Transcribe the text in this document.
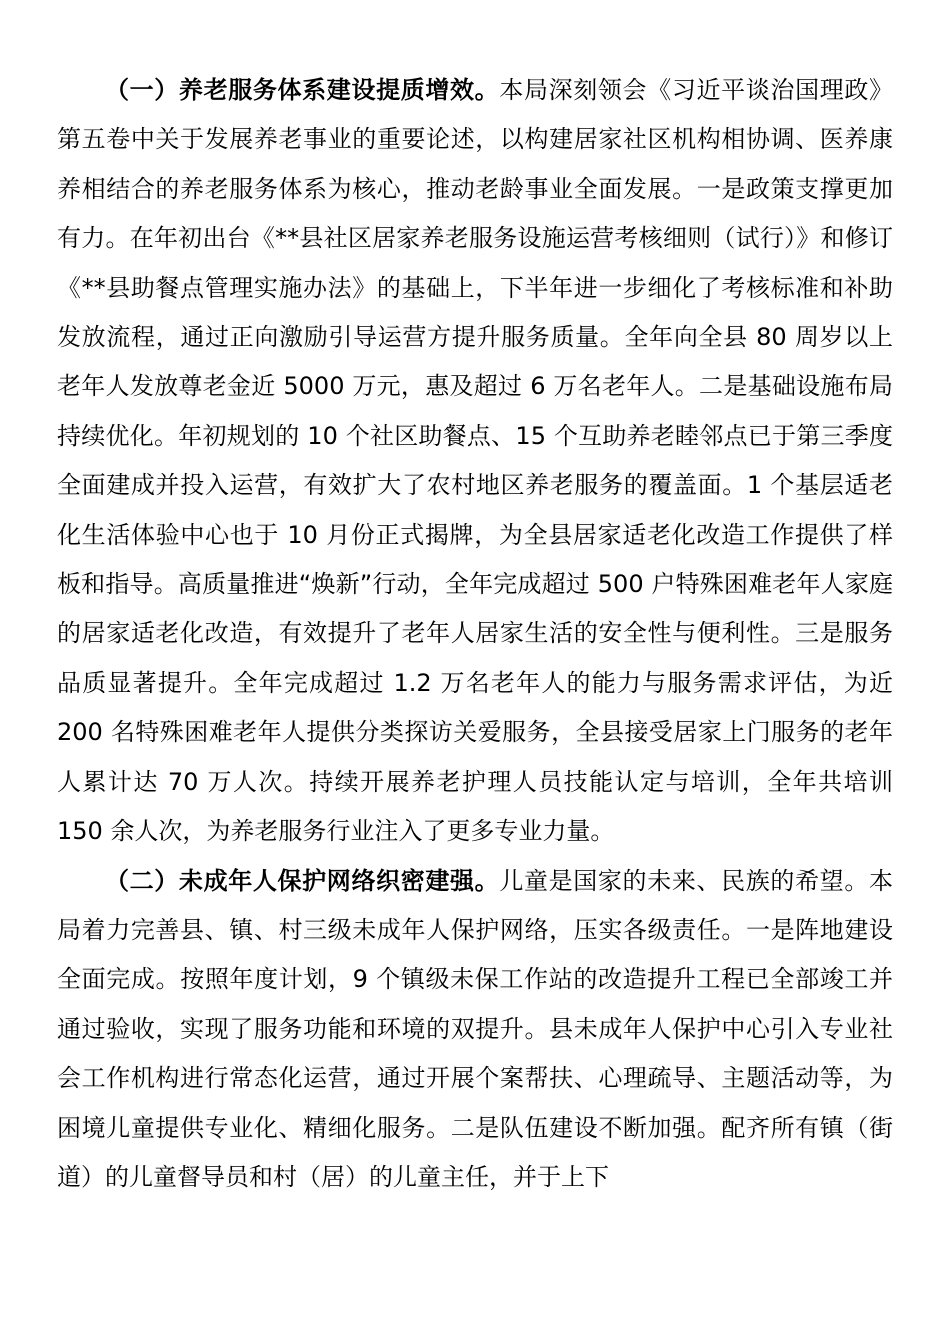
（一）养老服务体系建设提质增效。本局深刻领会《习近平谈治国理政》第五卷中关于发展养老事业的重要论述，以构建居家社区机构相协调、医养康养相结合的养老服务体系为核心，推动老龄事业全面发展。一是政策支撑更加有力。在年初出台《**县社区居家养老服务设施运营考核细则（试行）》和修订《**县助餐点管理实施办法》的基础上，下半年进一步细化了考核标准和补助发放流程，通过正向激励引导运营方提升服务质量。全年向全县 80 周岁以上老年人发放尊老金近 5000 万元，惠及超过 6 万名老年人。二是基础设施布局持续优化。年初规划的 10 个社区助餐点、15 个互助养老睦邻点已于第三季度全面建成并投入运营，有效扩大了农村地区养老服务的覆盖面。1 个基层适老化生活体验中心也于 10 月份正式揭牌，为全县居家适老化改造工作提供了样板和指导。高质量推进“焕新”行动，全年完成超过 500 户特殊困难老年人家庭的居家适老化改造，有效提升了老年人居家生活的安全性与便利性。三是服务品质显著提升。全年完成超过 1.2 万名老年人的能力与服务需求评估，为近 200 名特殊困难老年人提供分类探访关爱服务，全县接受居家上门服务的老年人累计达 70 万人次。持续开展养老护理人员技能认定与培训，全年共培训 150 余人次，为养老服务行业注入了更多专业力量。

（二）未成年人保护网络织密建强。儿童是国家的未来、民族的希望。本局着力完善县、镇、村三级未成年人保护网络，压实各级责任。一是阵地建设全面完成。按照年度计划，9 个镇级未保工作站的改造提升工程已全部竣工并通过验收，实现了服务功能和环境的双提升。县未成年人保护中心引入专业社会工作机构进行常态化运营，通过开展个案帮扶、心理疏导、主题活动等，为困境儿童提供专业化、精细化服务。二是队伍建设不断加强。配齐所有镇（街道）的儿童督导员和村（居）的儿童主任，并于上下
